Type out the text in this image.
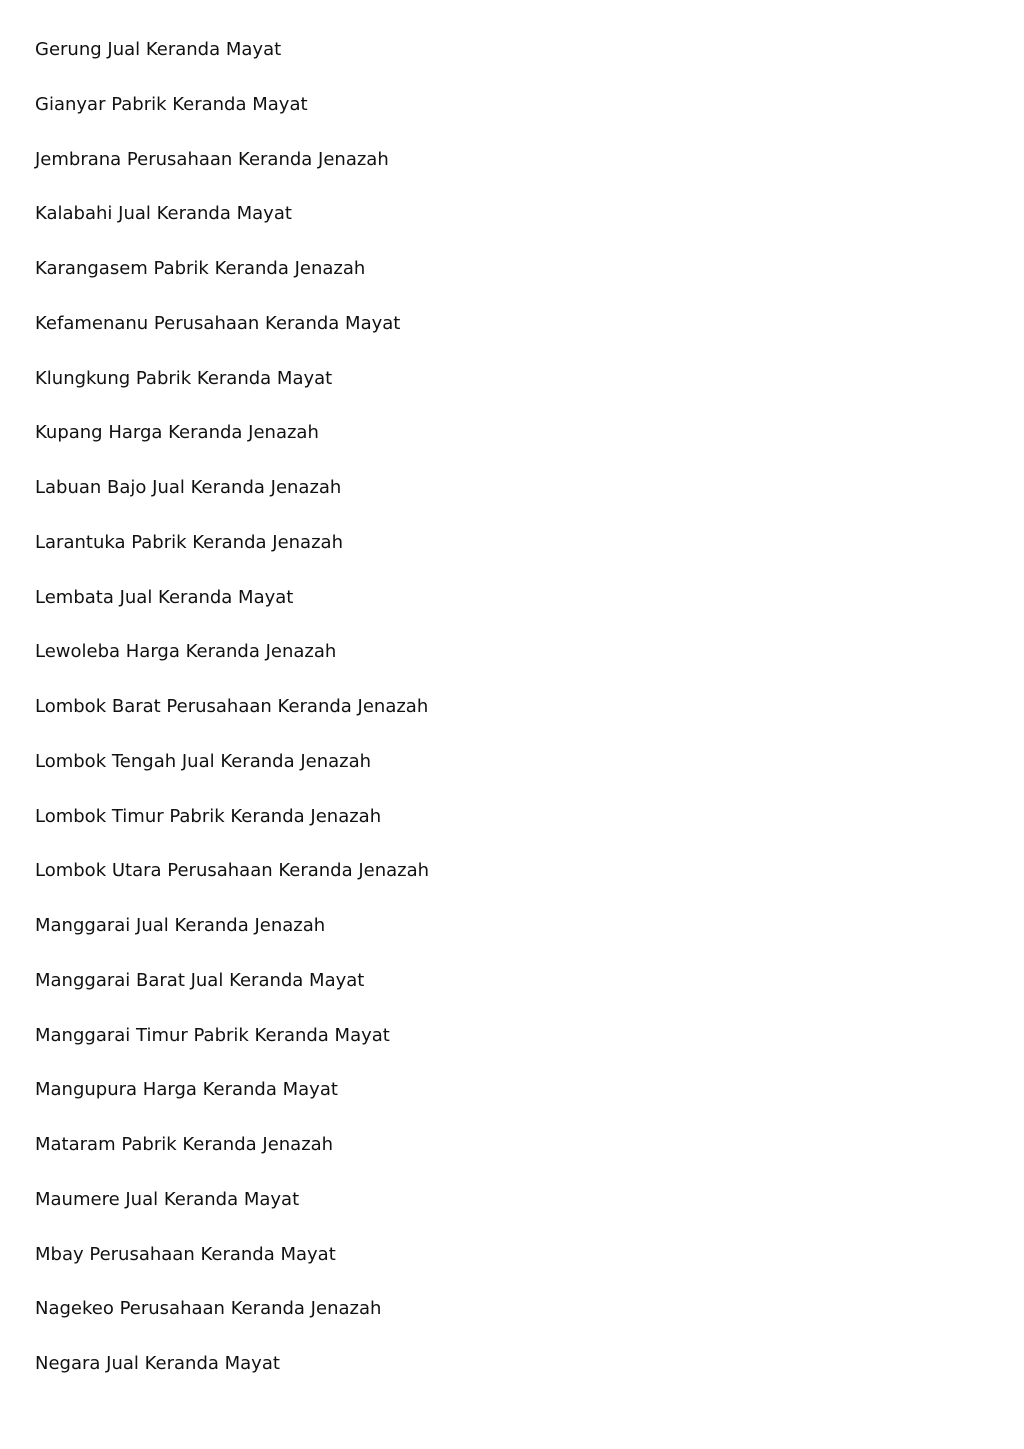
Gerung Jual Keranda Mayat
Gianyar Pabrik Keranda Mayat
Jembrana Perusahaan Keranda Jenazah
Kalabahi Jual Keranda Mayat
Karangasem Pabrik Keranda Jenazah
Kefamenanu Perusahaan Keranda Mayat
Klungkung Pabrik Keranda Mayat
Kupang Harga Keranda Jenazah
Labuan Bajo Jual Keranda Jenazah
Larantuka Pabrik Keranda Jenazah
Lembata Jual Keranda Mayat
Lewoleba Harga Keranda Jenazah
Lombok Barat Perusahaan Keranda Jenazah
Lombok Tengah Jual Keranda Jenazah
Lombok Timur Pabrik Keranda Jenazah
Lombok Utara Perusahaan Keranda Jenazah
Manggarai Jual Keranda Jenazah
Manggarai Barat Jual Keranda Mayat
Manggarai Timur Pabrik Keranda Mayat
Mangupura Harga Keranda Mayat
Mataram Pabrik Keranda Jenazah
Maumere Jual Keranda Mayat
Mbay Perusahaan Keranda Mayat
Nagekeo Perusahaan Keranda Jenazah
Negara Jual Keranda Mayat
